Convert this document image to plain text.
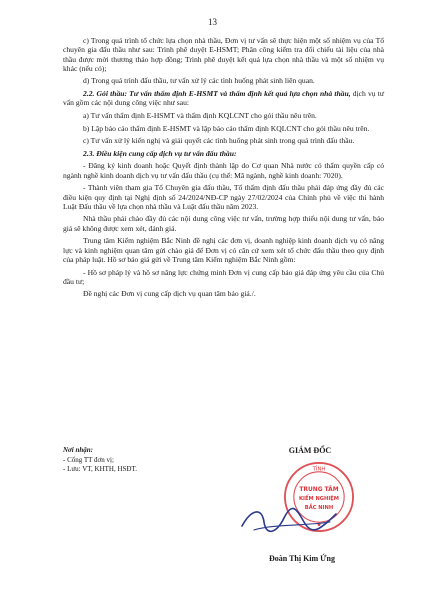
13

c) Trong quá trình tổ chức lựa chọn nhà thầu, Đơn vị tư vấn sẽ thực hiện một số nhiệm vụ của Tổ chuyên gia đấu thầu như sau: Trình phê duyệt E-HSMT; Phân công kiểm tra đối chiếu tài liệu của nhà thầu được mời thương thảo hợp đồng; Trình phê duyệt kết quả lựa chọn nhà thầu và một số nhiệm vụ khác (nếu có);

d) Trong quá trình đấu thầu, tư vấn xử lý các tình huống phát sinh liên quan.

2.2. Gói thầu: Tư vấn thẩm định E-HSMT và thẩm định kết quả lựa chọn nhà thầu, dịch vụ tư vấn gồm các nội dung công việc như sau:

a) Tư vấn thẩm định E-HSMT và thẩm định KQLCNT cho gói thầu nêu trên.

b) Lập báo cáo thẩm định E-HSMT và lập báo cáo thẩm định KQLCNT cho gói thầu nêu trên.

c) Tư vấn xử lý kiến nghị và giải quyết các tình huống phát sinh trong quá trình đấu thầu.

2.3. Điều kiện cung cấp dịch vụ tư vấn đấu thầu:

- Đăng ký kinh doanh hoặc Quyết định thành lập do Cơ quan Nhà nước có thẩm quyền cấp có ngành nghề kinh doanh dịch vụ tư vấn đấu thầu (cụ thể: Mã ngành, nghề kinh doanh: 7020).

- Thành viên tham gia Tổ Chuyên gia đấu thầu, Tổ thẩm định đấu thầu phải đáp ứng đầy đủ các điều kiện quy định tại Nghị định số 24/2024/NĐ-CP ngày 27/02/2024 của Chính phủ về việc thi hành Luật Đấu thầu về lựa chọn nhà thầu và Luật đấu thầu năm 2023.

Nhà thầu phải chào đầy đủ các nội dung công việc tư vấn, trường hợp thiếu nội dung tư vấn, báo giá sẽ không được xem xét, đánh giá.

Trung tâm Kiểm nghiệm Bắc Ninh đề nghị các đơn vị, doanh nghiệp kinh doanh dịch vụ có năng lực và kinh nghiệm quan tâm gửi chào giá để Đơn vị có căn cứ xem xét tổ chức đấu thầu theo quy định của pháp luật. Hồ sơ báo giá gửi về Trung tâm Kiểm nghiệm Bắc Ninh gồm:

- Hồ sơ pháp lý và hồ sơ năng lực chứng minh Đơn vị cung cấp báo giá đáp ứng yêu cầu của Chủ đầu tư;

Đề nghị các Đơn vị cung cấp dịch vụ quan tâm báo giá./.

Nơi nhận:
- Cổng TT đơn vị;
- Lưu: VT, KHTH, HSĐT.
GIÁM ĐỐC
TỈNH
TRUNG TÂM
KIỂM NGHIỆM
BẮC NINH
★
Đoàn Thị Kim Ứng
